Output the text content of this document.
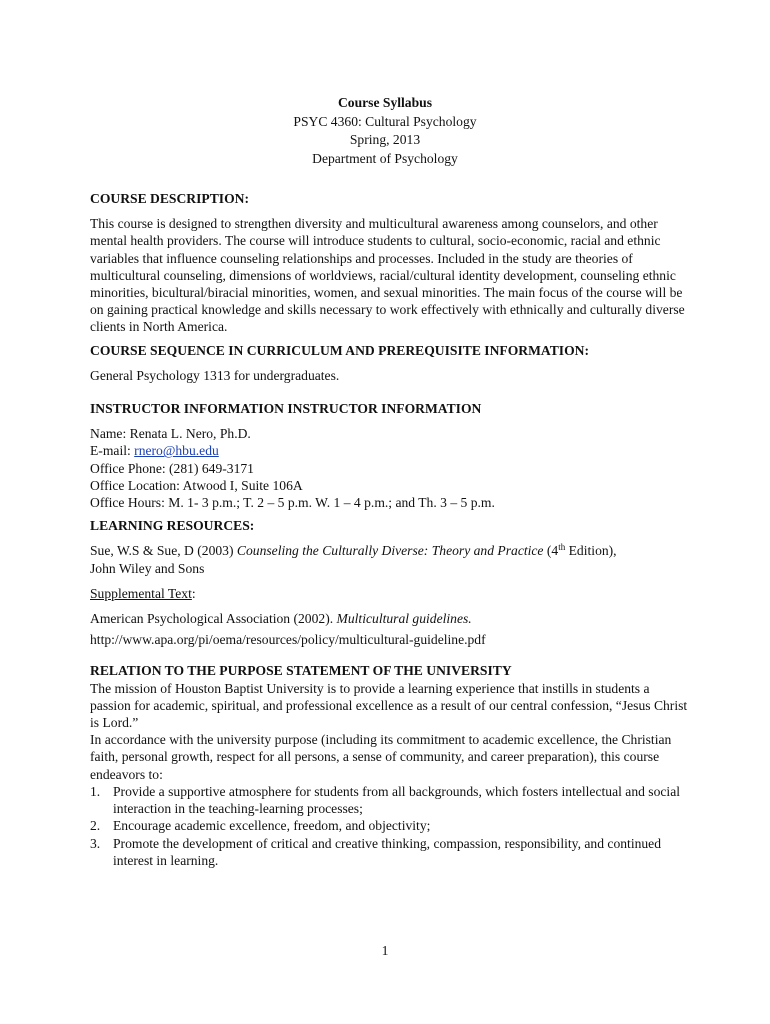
Course Syllabus
PSYC 4360: Cultural Psychology
Spring, 2013
Department of Psychology

COURSE DESCRIPTION:

This course is designed to strengthen diversity and multicultural awareness among counselors, and other mental health providers. The course will introduce students to cultural, socio-economic, racial and ethnic variables that influence counseling relationships and processes. Included in the study are theories of multicultural counseling, dimensions of worldviews, racial/cultural identity development, counseling ethnic minorities, bicultural/biracial minorities, women, and sexual minorities. The main focus of the course will be on gaining practical knowledge and skills necessary to work effectively with ethnically and culturally diverse clients in North America.

COURSE SEQUENCE IN CURRICULUM AND PREREQUISITE INFORMATION:

General Psychology 1313 for undergraduates.

INSTRUCTOR INFORMATION INSTRUCTOR INFORMATION

Name: Renata L. Nero, Ph.D.

E-mail: rnero@hbu.edu

Office Phone: (281) 649-3171

Office Location: Atwood I, Suite 106A

Office Hours: M. 1- 3 p.m.; T. 2 – 5 p.m. W. 1 – 4 p.m.; and Th. 3 – 5 p.m.

LEARNING RESOURCES:

Sue, W.S & Sue, D (2003) Counseling the Culturally Diverse: Theory and Practice (4th Edition),
John Wiley and Sons

Supplemental Text:

American Psychological Association (2002). Multicultural guidelines.

http://www.apa.org/pi/oema/resources/policy/multicultural-guideline.pdf

RELATION TO THE PURPOSE STATEMENT OF THE UNIVERSITY

The mission of Houston Baptist University is to provide a learning experience that instills in students a passion for academic, spiritual, and professional excellence as a result of our central confession, “Jesus Christ is Lord.”

In accordance with the university purpose (including its commitment to academic excellence, the Christian faith, personal growth, respect for all persons, a sense of community, and career preparation), this course endeavors to:

1. Provide a supportive atmosphere for students from all backgrounds, which fosters intellectual and social interaction in the teaching-learning processes;
2. Encourage academic excellence, freedom, and objectivity;
3. Promote the development of critical and creative thinking, compassion, responsibility, and continued interest in learning.
1
